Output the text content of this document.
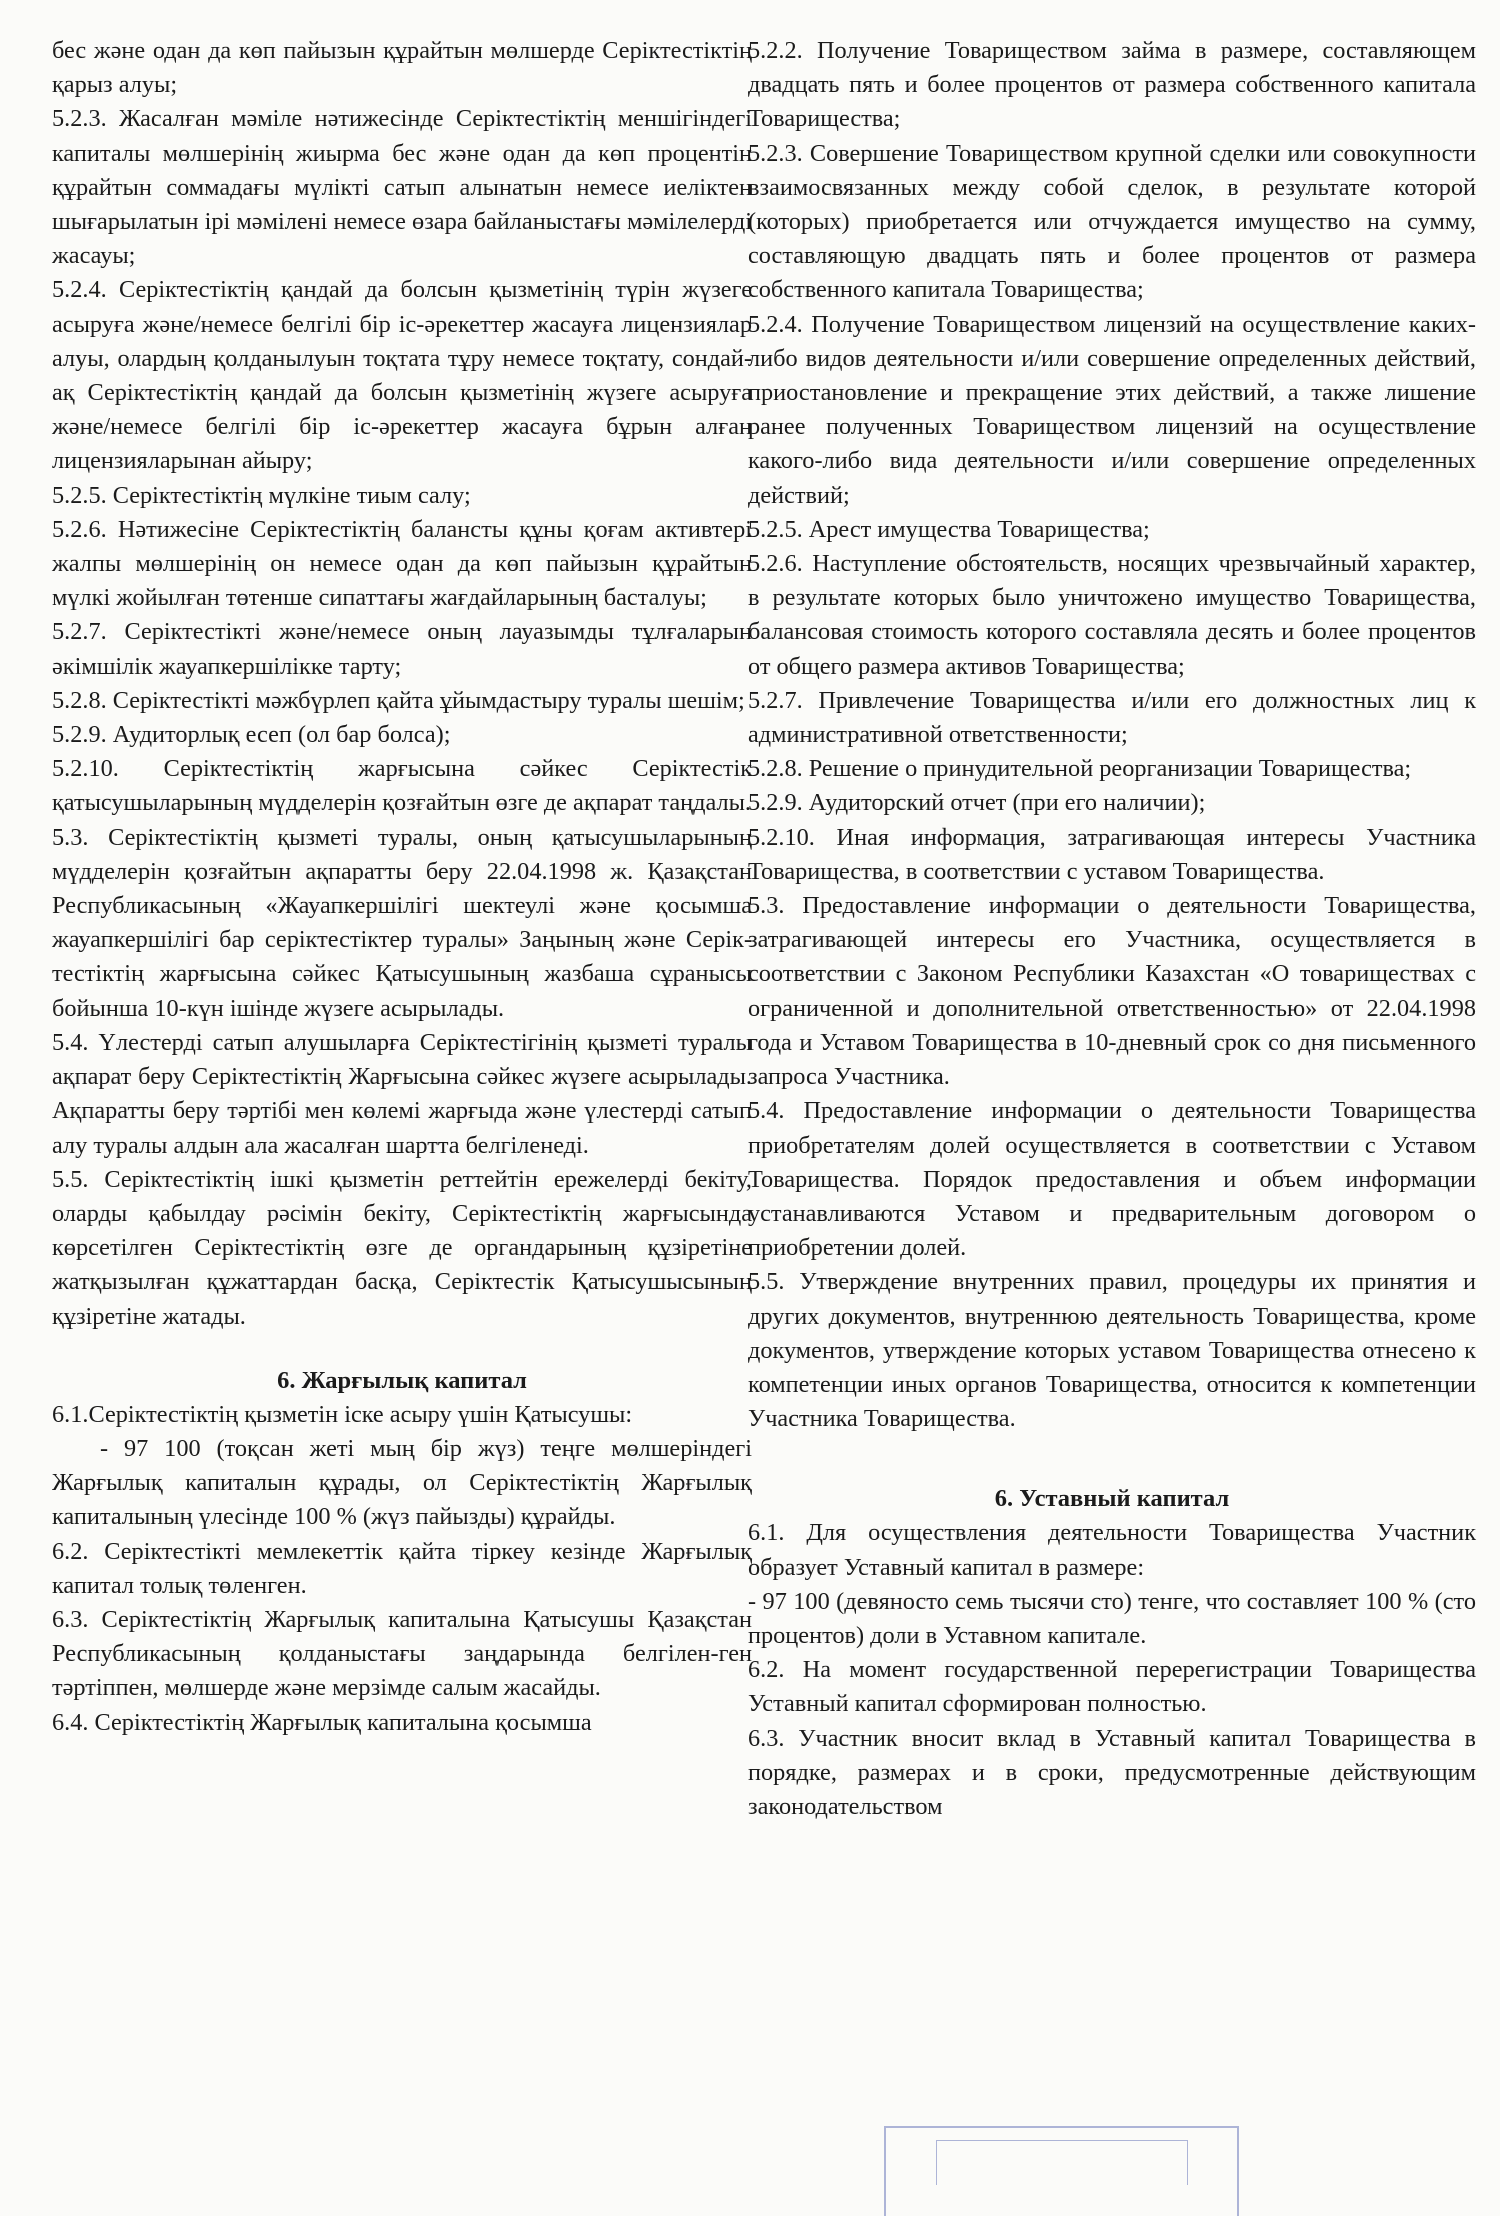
бес және одан да көп пайызын құрайтын мөлшерде Серіктестіктің қарыз алуы;

5.2.3. Жасалған мәміле нәтижесінде Серіктестіктің меншігіндегі капиталы мөлшерінің жиырма бес және одан да көп процентін құрайтын соммадағы мүлікті сатып алынатын немесе иеліктен шығарылатын ірі мәмілені немесе өзара байланыстағы мәмілелерді жасауы;

5.2.4. Серіктестіктің қандай да болсын қызметінің түрін жүзеге асыруға және/немесе белгілі бір іс-әрекеттер жасауға лицензиялар алуы, олардың қолданылуын тоқтата тұру немесе тоқтату, сондай-ақ Серіктестіктің қандай да болсын қызметінің жүзеге асыруға және/немесе белгілі бір іс-әрекеттер жасауға бұрын алған лицензияларынан айыру;

5.2.5. Серіктестіктің мүлкіне тиым салу;

5.2.6. Нәтижесіне Серіктестіктің балансты құны қоғам активтері жалпы мөлшерінің он немесе одан да көп пайызын құрайтын мүлкі жойылған төтенше сипаттағы жағдайларының басталуы;

5.2.7. Серіктестікті және/немесе оның лауазымды тұлғаларын әкімшілік жауапкершілікке тарту;

5.2.8. Серіктестікті мәжбүрлеп қайта ұйымдастыру туралы шешім;

5.2.9. Аудиторлық есеп (ол бар болса);

5.2.10. Серіктестіктің жарғысына сәйкес Серіктестік қатысушыларының мүдделерін қозғайтын өзге де ақпарат таңдалы.

5.3. Серіктестіктің қызметі туралы, оның қатысушыларының мүдделерін қозғайтын ақпаратты беру 22.04.1998 ж. Қазақстан Республикасының «Жауапкершілігі шектеулі және қосымша жауапкершілігі бар серіктестіктер туралы» Заңының және Серік-тестіктің жарғысына сәйкес Қатысушының жазбаша сұранысы бойынша 10-күн ішінде жүзеге асырылады.

5.4. Үлестерді сатып алушыларға Серіктестігінің қызметі туралы ақпарат беру Серіктестіктің Жарғысына сәйкес жүзеге асырылады. Ақпаратты беру тәртібі мен көлемі жарғыда және үлестерді сатып алу туралы алдын ала жасалған шартта белгіленеді.

5.5. Серіктестіктің ішкі қызметін реттейтін ережелерді бекіту, оларды қабылдау рәсімін бекіту, Серіктестіктің жарғысында көрсетілген Серіктестіктің өзге де органдарының құзіретіне жатқызылған құжаттардан басқа, Серіктестік Қатысушысының құзіретіне жатады.

6. Жарғылық капитал

6.1.Серіктестіктің қызметін іске асыру үшін Қатысушы:

- 97 100 (тоқсан жеті мың бір жүз) теңге мөлшеріндегі Жарғылық капиталын құрады, ол Серіктестіктің Жарғылық капиталының үлесінде 100 % (жүз пайызды) құрайды.

6.2. Серіктестікті мемлекеттік қайта тіркеу кезінде Жарғылық капитал толық төленген.

6.3. Серіктестіктің Жарғылық капиталына Қатысушы Қазақстан Республикасының қолданыстағы заңдарында белгілен-ген тәртіппен, мөлшерде және мерзімде салым жасайды.

6.4. Серіктестіктің Жарғылық капиталына қосымша

5.2.2. Получение Товариществом займа в размере, составляющем двадцать пять и более процентов от размера собственного капитала Товарищества;

5.2.3. Совершение Товариществом крупной сделки или совокупности взаимосвязанных между собой сделок, в результате которой (которых) приобретается или отчуждается имущество на сумму, составляющую двадцать пять и более процентов от размера собственного капитала Товарищества;

5.2.4. Получение Товариществом лицензий на осуществление каких-либо видов деятельности и/или совершение определенных действий, приостановление и прекращение этих действий, а также лишение ранее полученных Товариществом лицензий на осуществление какого-либо вида деятельности и/или совершение определенных действий;

5.2.5. Арест имущества Товарищества;

5.2.6. Наступление обстоятельств, носящих чрезвычайный характер, в результате которых было уничтожено имущество Товарищества, балансовая стоимость которого составляла десять и более процентов от общего размера активов Товарищества;

5.2.7. Привлечение Товарищества и/или его должностных лиц к административной ответственности;

5.2.8. Решение о принудительной реорганизации Товарищества;

5.2.9. Аудиторский отчет (при его наличии);

5.2.10. Иная информация, затрагивающая интересы Участника Товарищества, в соответствии с уставом Товарищества.

5.3. Предоставление информации о деятельности Товарищества, затрагивающей интересы его Участника, осуществляется в соответствии с Законом Республики Казахстан «О товариществах с ограниченной и дополнительной ответственностью» от 22.04.1998 года и Уставом Товарищества в 10-дневный срок со дня письменного запроса Участника.

5.4. Предоставление информации о деятельности Товарищества приобретателям долей осуществляется в соответствии с Уставом Товарищества. Порядок предоставления и объем информации устанавливаются Уставом и предварительным договором о приобретении долей.

5.5. Утверждение внутренних правил, процедуры их принятия и других документов, внутреннюю деятельность Товарищества, кроме документов, утверждение которых уставом Товарищества отнесено к компетенции иных органов Товарищества, относится к компетенции Участника Товарищества.

6. Уставный капитал

6.1. Для осуществления деятельности Товарищества Участник образует Уставный капитал в размере:

- 97 100 (девяносто семь тысячи сто) тенге, что составляет 100 % (сто процентов) доли в Уставном капитале.

6.2. На момент государственной перерегистрации Товарищества Уставный капитал сформирован полностью.

6.3. Участник вносит вклад в Уставный капитал Товарищества в порядке, размерах и в сроки, предусмотренные действующим законодательством
